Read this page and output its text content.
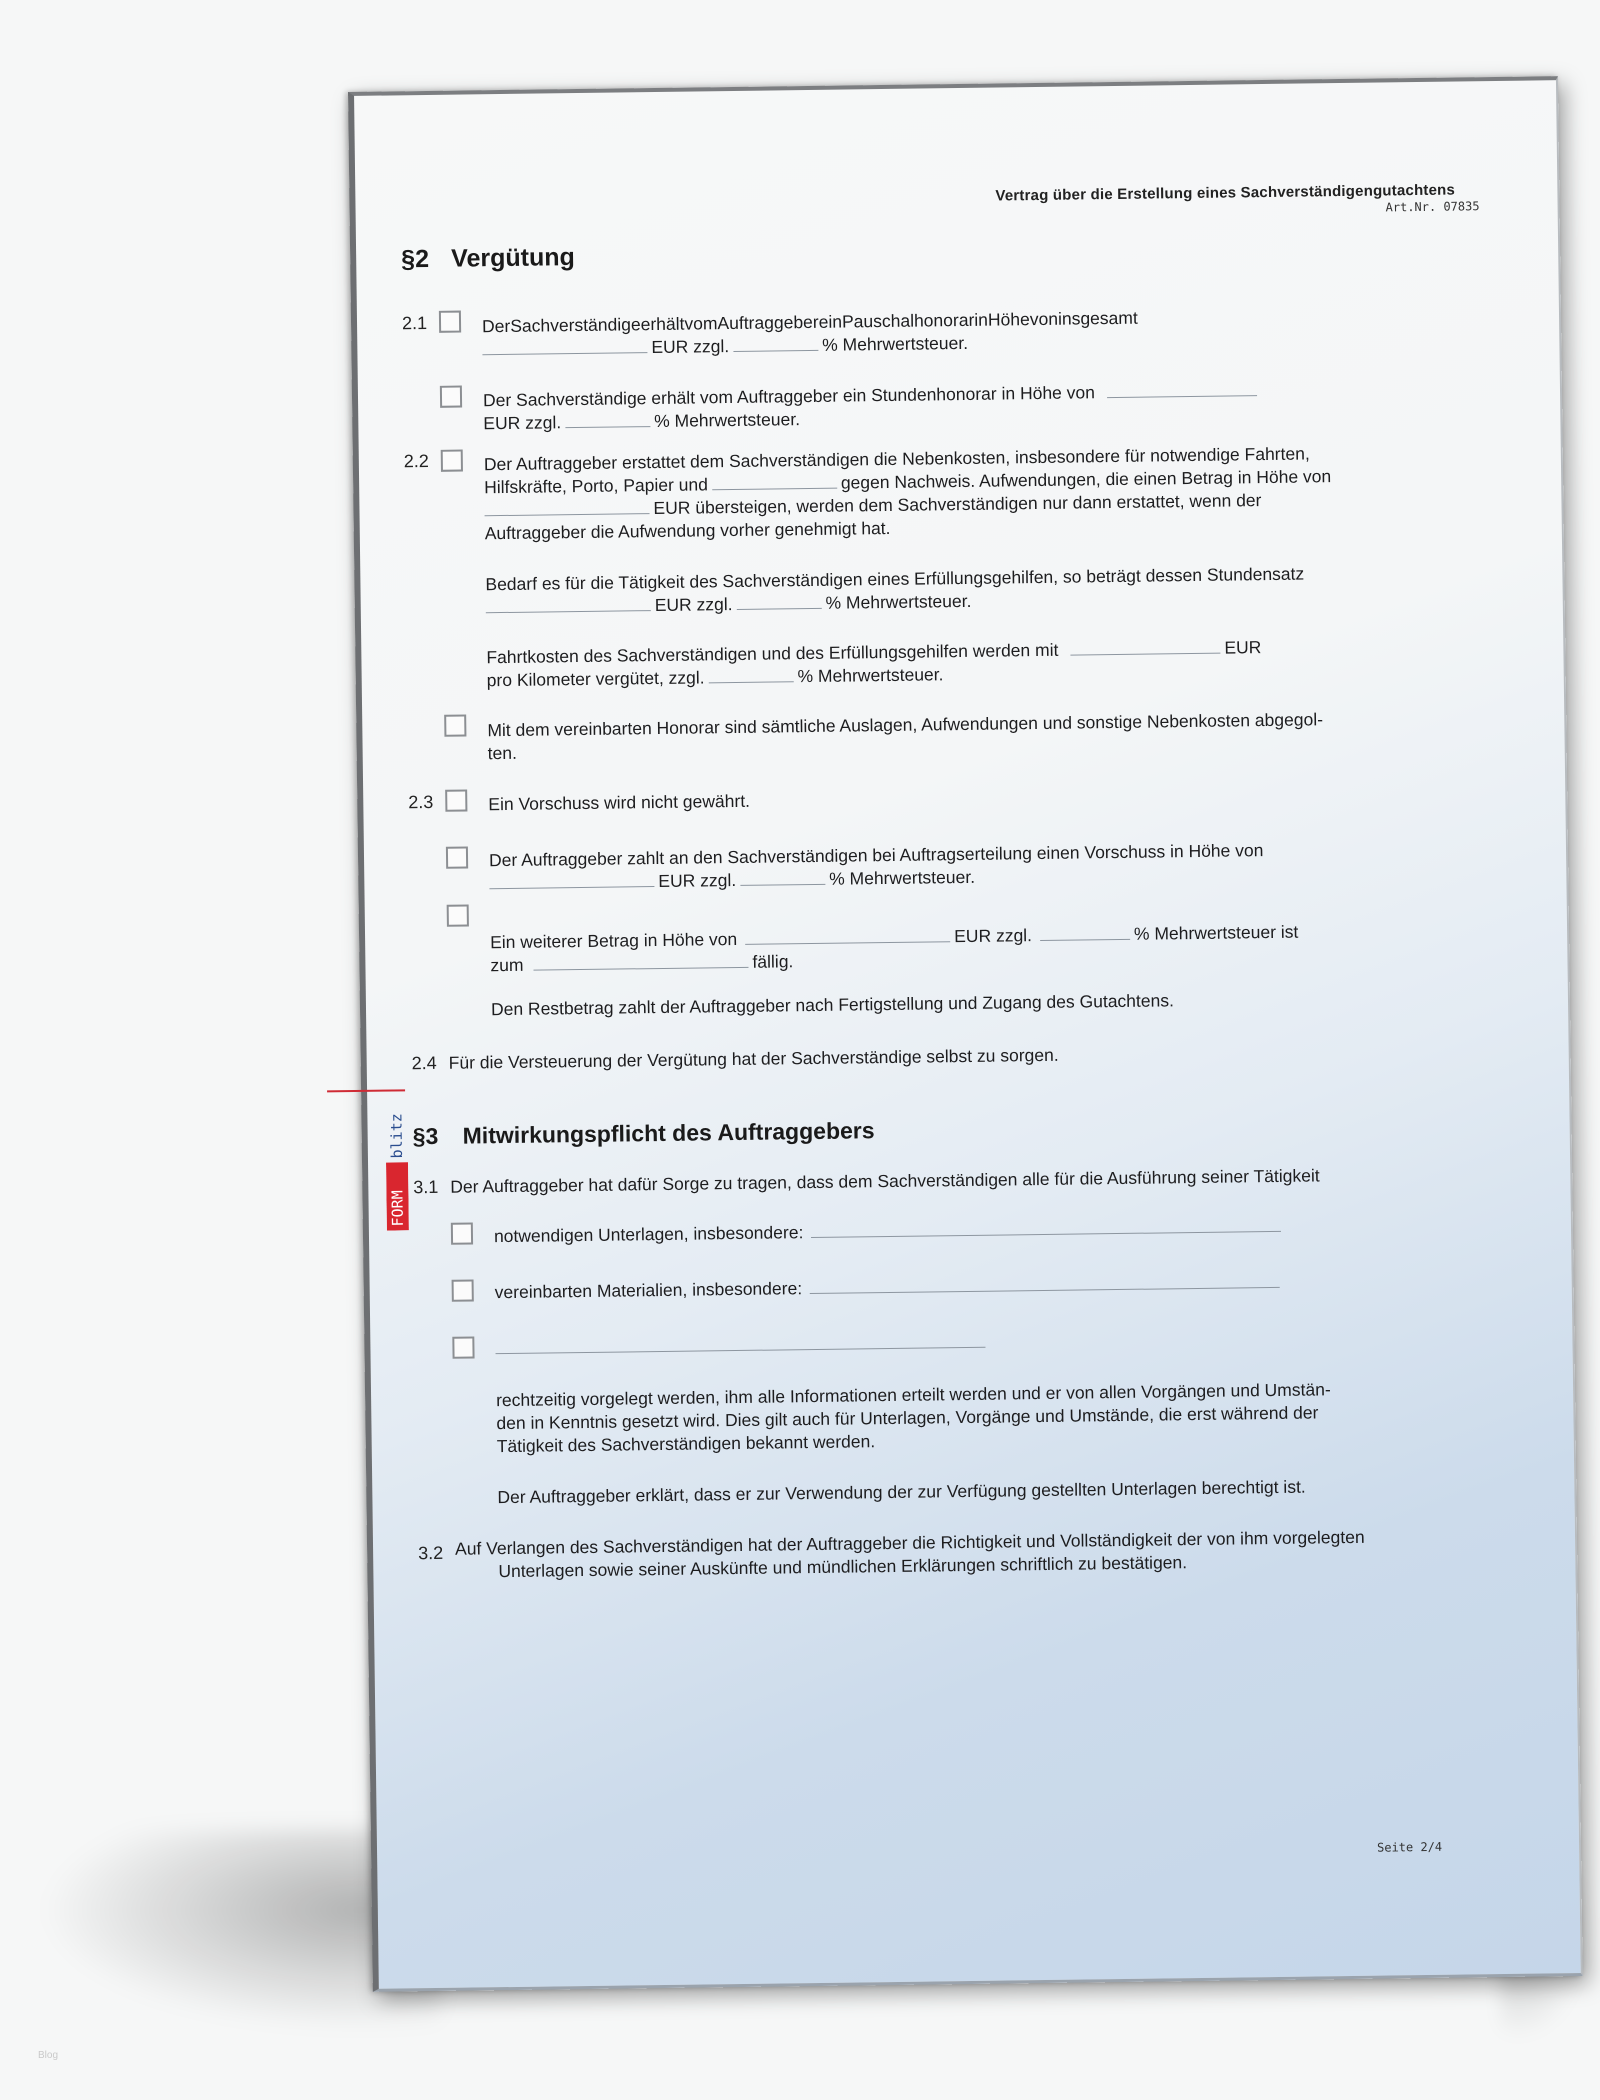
Vertrag über die Erstellung eines Sachverständigengutachtens
Art.Nr. 07835
FORM
blitz
§2 Vergütung
2.1	Der Sachverständige erhält vom Auftraggeber ein Pauschalhonorar in Höhe von insgesamt
EUR zzgl.	% Mehrwertsteuer.
Der Sachverständige erhält vom Auftraggeber ein Stundenhonorar in Höhe von
EUR zzgl.	% Mehrwertsteuer.
2.2	Der Auftraggeber erstattet dem Sachverständigen die Nebenkosten, insbesondere für notwendige Fahrten,
Hilfskräfte, Porto, Papier und	gegen Nachweis. Aufwendungen, die einen Betrag in Höhe von
EUR übersteigen, werden dem Sachverständigen nur dann erstattet, wenn der
Auftraggeber die Aufwendung vorher genehmigt hat.
Bedarf es für die Tätigkeit des Sachverständigen eines Erfüllungsgehilfen, so beträgt dessen Stundensatz
EUR zzgl.	% Mehrwertsteuer.
Fahrtkosten des Sachverständigen und des Erfüllungsgehilfen werden mit	EUR
pro Kilometer vergütet, zzgl.	% Mehrwertsteuer.
Mit dem vereinbarten Honorar sind sämtliche Auslagen, Aufwendungen und sonstige Nebenkosten abgegol-
ten.
2.3	Ein Vorschuss wird nicht gewährt.
Der Auftraggeber zahlt an den Sachverständigen bei Auftragserteilung einen Vorschuss in Höhe von
EUR zzgl.	% Mehrwertsteuer.
Ein weiterer Betrag in Höhe von	EUR zzgl.	% Mehrwertsteuer ist
zum	fällig.
Den Restbetrag zahlt der Auftraggeber nach Fertigstellung und Zugang des Gutachtens.
2.4 Für die Versteuerung der Vergütung hat der Sachverständige selbst zu sorgen.
§3 Mitwirkungspflicht des Auftraggebers
3.1 Der Auftraggeber hat dafür Sorge zu tragen, dass dem Sachverständigen alle für die Ausführung seiner Tätigkeit
notwendigen Unterlagen, insbesondere:
vereinbarten Materialien, insbesondere:
rechtzeitig vorgelegt werden, ihm alle Informationen erteilt werden und er von allen Vorgängen und Umstän-
den in Kenntnis gesetzt wird. Dies gilt auch für Unterlagen, Vorgänge und Umstände, die erst während der
Tätigkeit des Sachverständigen bekannt werden.
Der Auftraggeber erklärt, dass er zur Verwendung der zur Verfügung gestellten Unterlagen berechtigt ist.
3.2 Auf Verlangen des Sachverständigen hat der Auftraggeber die Richtigkeit und Vollständigkeit der von ihm vorgelegten
Unterlagen sowie seiner Auskünfte und mündlichen Erklärungen schriftlich zu bestätigen.
Seite 2/4
Blog
